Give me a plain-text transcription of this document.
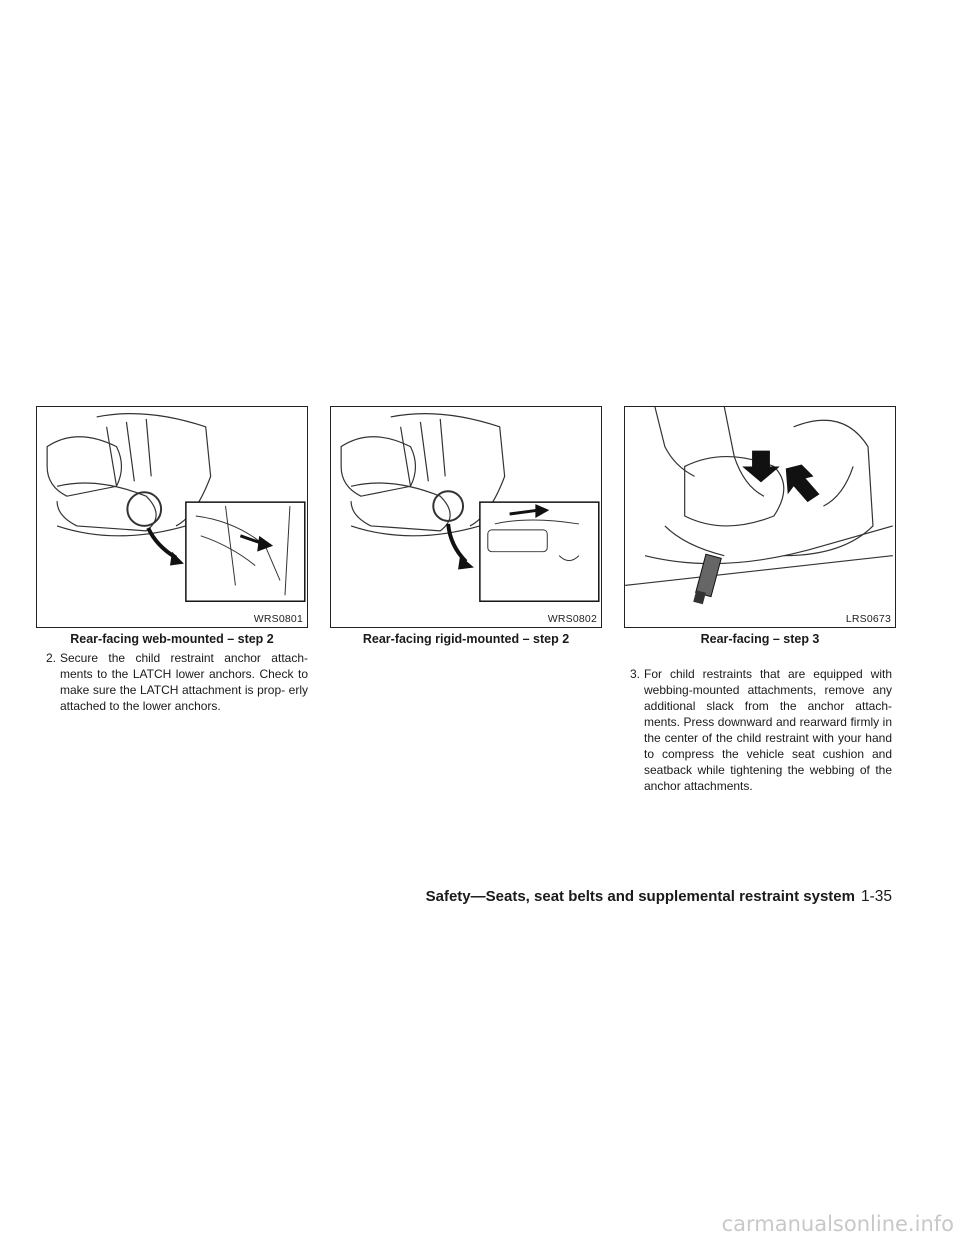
WRS0801
Rear-facing web-mounted – step 2
WRS0802
Rear-facing rigid-mounted – step 2
LRS0673
Rear-facing – step 3
2. Secure the child restraint anchor attach- ments to the LATCH lower anchors. Check to make sure the LATCH attachment is prop- erly attached to the lower anchors.
3. For child restraints that are equipped with webbing-mounted attachments, remove any additional slack from the anchor attach- ments. Press downward and rearward firmly in the center of the child restraint with your hand to compress the vehicle seat cushion and seatback while tightening the webbing of the anchor attachments.
Safety—Seats, seat belts and supplemental restraint system 1-35
carmanualsonline.info
